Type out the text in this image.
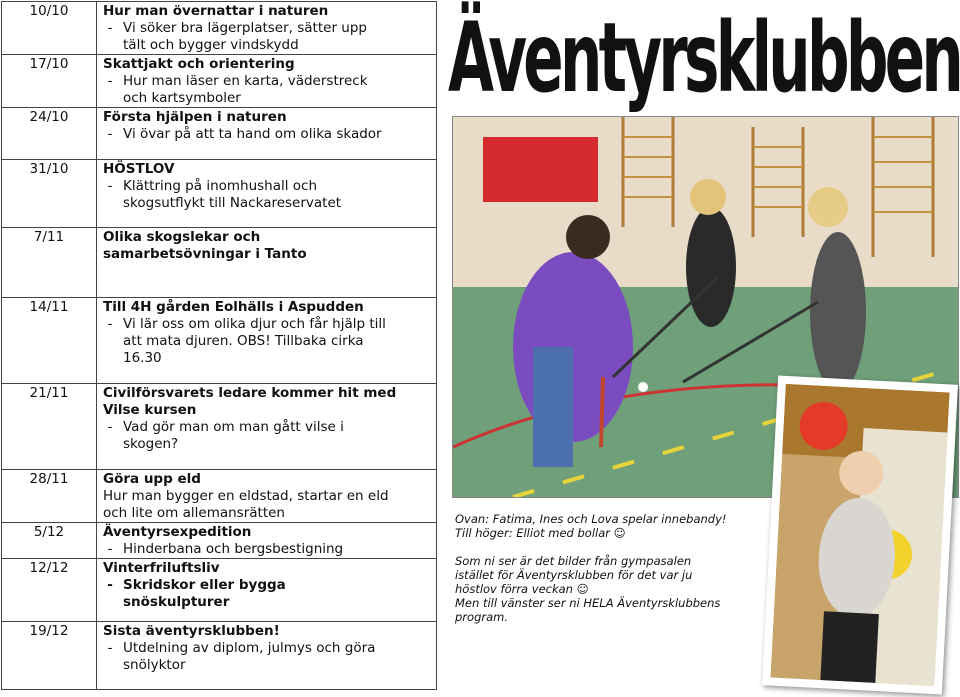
10/10	Hur man övernattar i naturen
- Vi söker bra lägerplatser, sätter upp
tält och bygger vindskydd

17/10	Skattjakt och orientering
- Hur man läser en karta, väderstreck
och kartsymboler

24/10	Första hjälpen i naturen
- Vi övar på att ta hand om olika skador

31/10	HÖSTLOV
- Klättring på inomhushall och
skogsutflykt till Nackareservatet

7/11	Olika skogslekar och
samarbetsövningar i Tanto

14/11	Till 4H gården Eolhälls i Aspudden
- Vi lär oss om olika djur och får hjälp till
att mata djuren. OBS! Tillbaka cirka
16.30

21/11	Civilförsvarets ledare kommer hit med
Vilse kursen
- Vad gör man om man gått vilse i
skogen?

28/11	Göra upp eld
Hur man bygger en eldstad, startar en eld
och lite om allemansrätten

5/12	Äventyrsexpedition
- Hinderbana och bergsbestigning

12/12	Vinterfriluftsliv
- Skridskor eller bygga
snöskulpturer

19/12	Sista äventyrsklubben!
- Utdelning av diplom, julmys och göra
snölyktor
Äventyrsklubben

Ovan: Fatima, Ines och Lova spelar innebandy!

Till höger: Elliot med bollar ☺

Som ni ser är det bilder från gympasalen

istället för Äventyrsklubben för det var ju

höstlov förra veckan ☺

Men till vänster ser ni HELA Äventyrsklubbens

program.
